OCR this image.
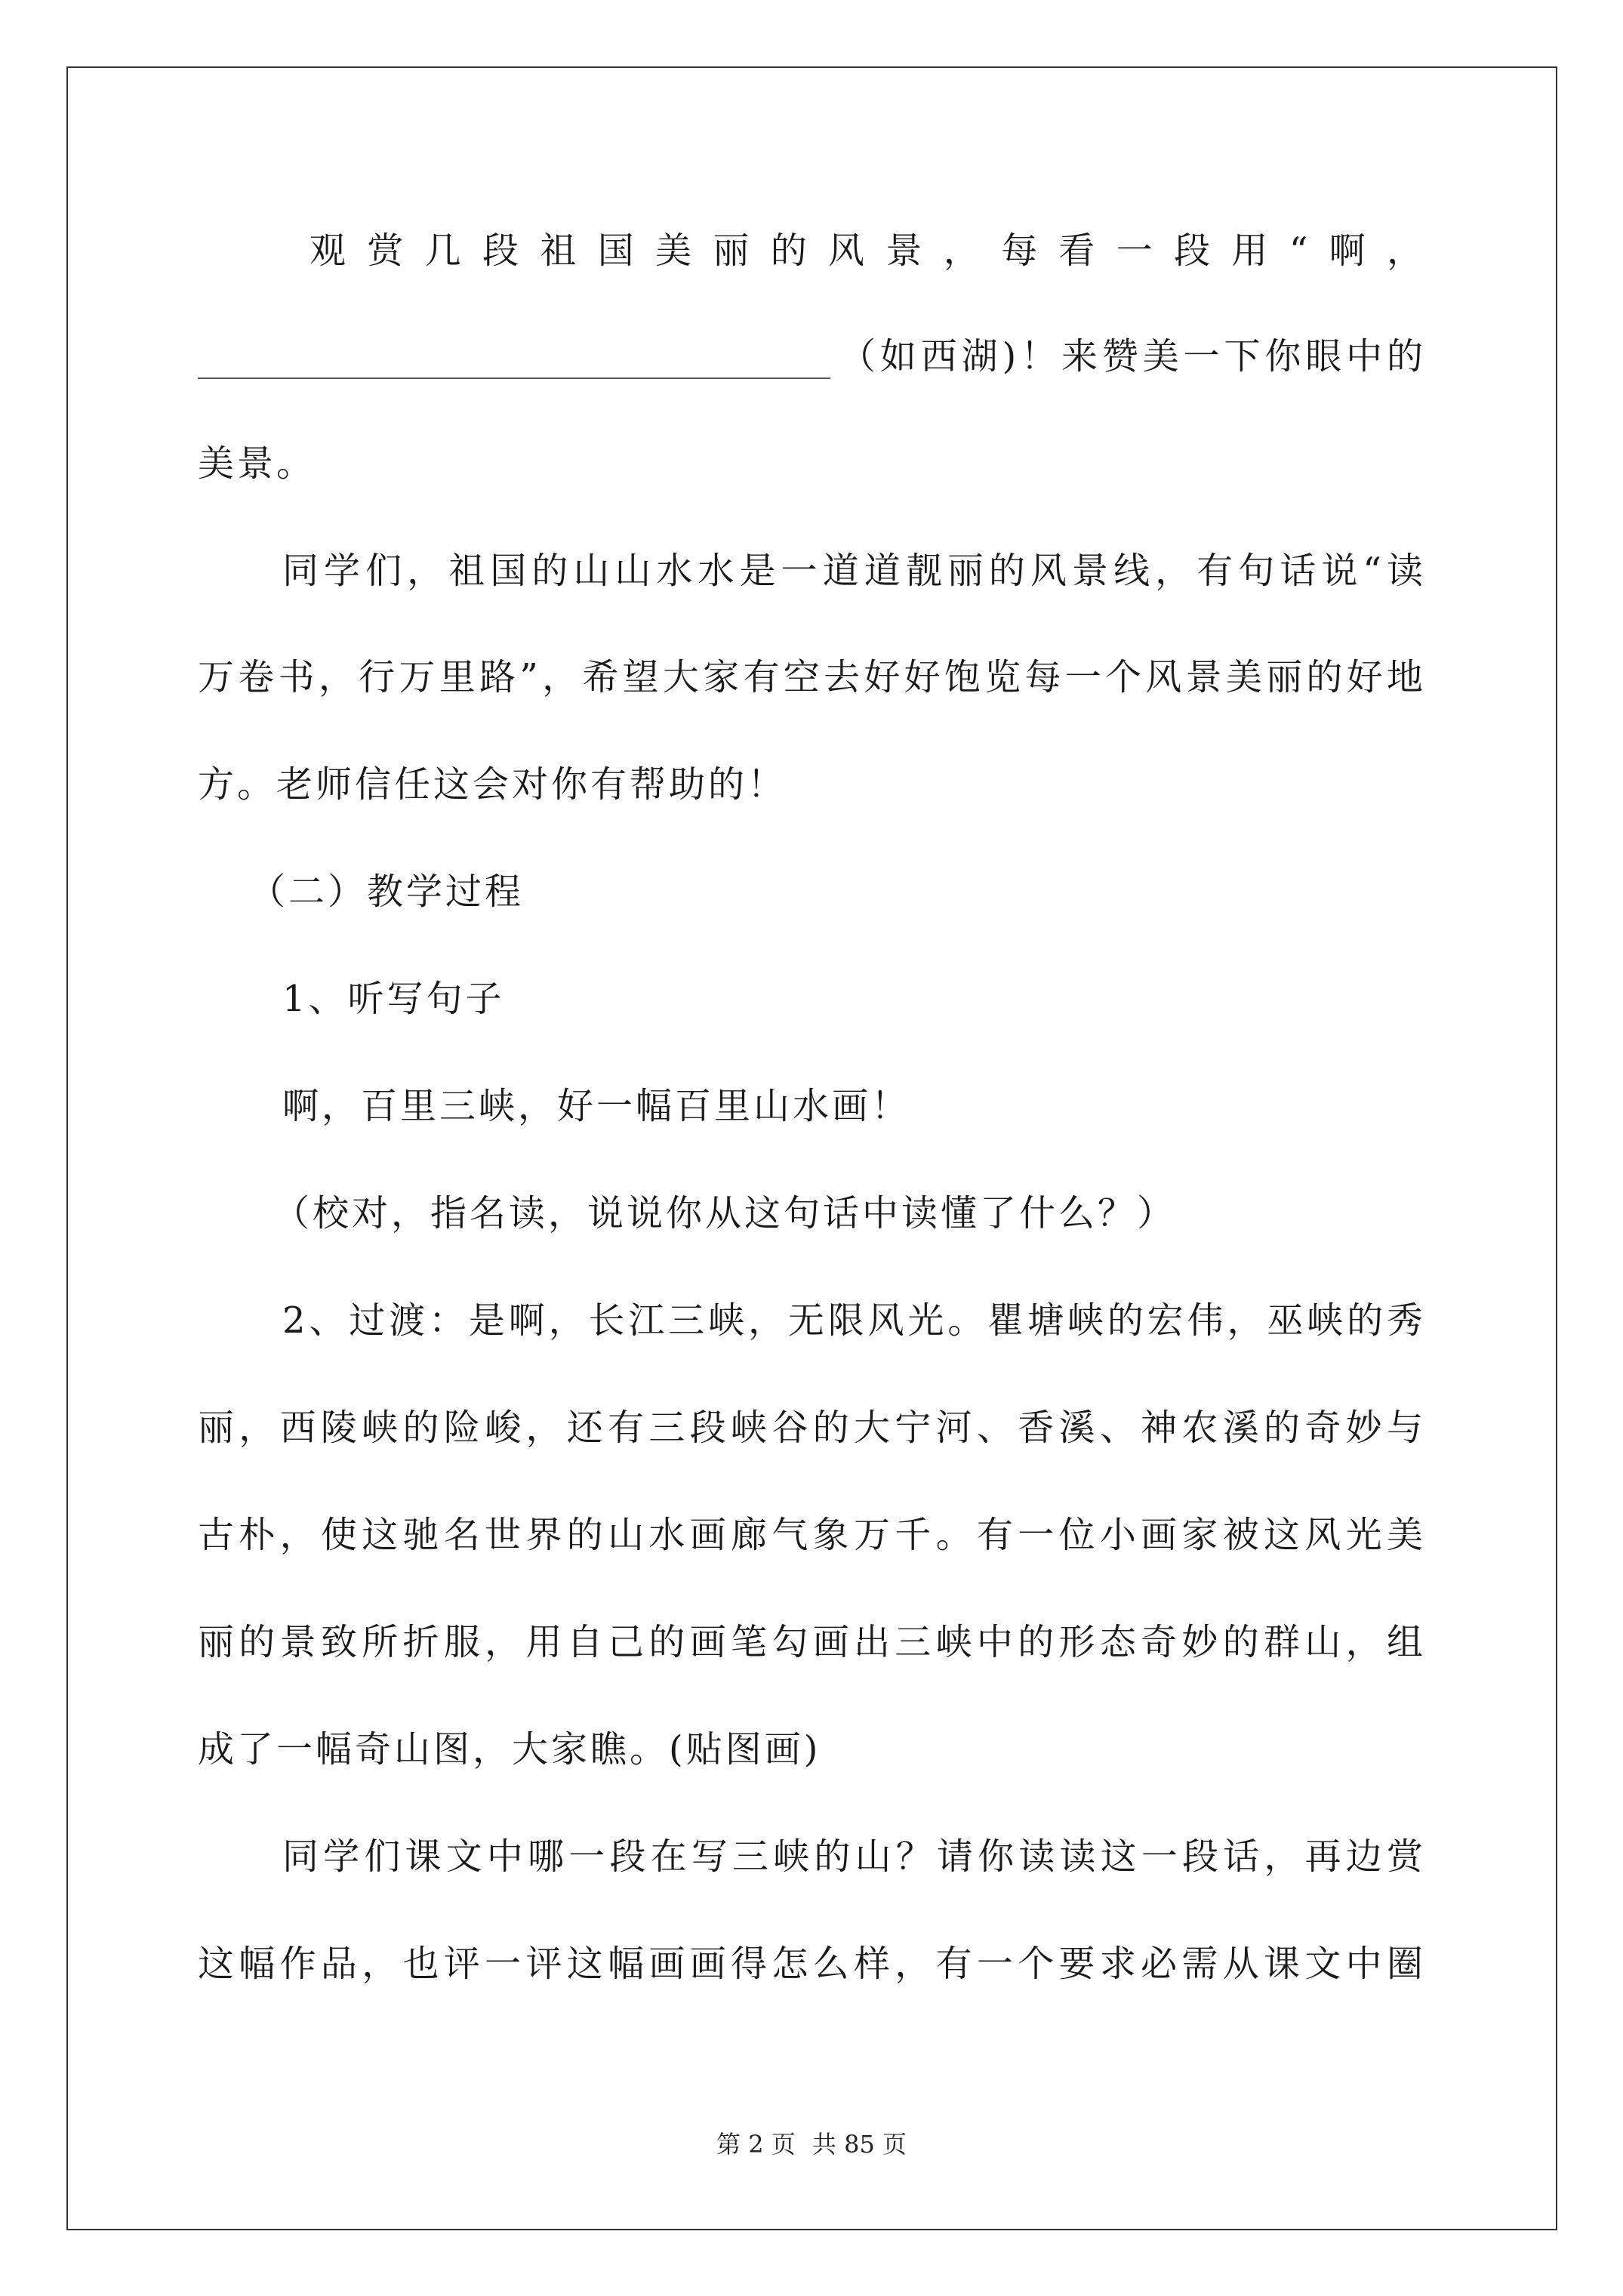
观赏几段祖国美丽的风景，每看一段用“啊，
（如西湖)！来赞美一下你眼中的
美景。
同学们，祖国的山山水水是一道道靓丽的风景线，有句话说“读
万卷书，行万里路”，希望大家有空去好好饱览每一个风景美丽的好地
方。老师信任这会对你有帮助的！
（二）教学过程
1、听写句子
啊，百里三峡，好一幅百里山水画！
（校对，指名读，说说你从这句话中读懂了什么？）
2、过渡：是啊，长江三峡，无限风光。瞿塘峡的宏伟，巫峡的秀
丽，西陵峡的险峻，还有三段峡谷的大宁河、香溪、神农溪的奇妙与
古朴，使这驰名世界的山水画廊气象万千。有一位小画家被这风光美
丽的景致所折服，用自己的画笔勾画出三峡中的形态奇妙的群山，组
成了一幅奇山图，大家瞧。(贴图画)
同学们课文中哪一段在写三峡的山？请你读读这一段话，再边赏
这幅作品，也评一评这幅画画得怎么样，有一个要求必需从课文中圈
第 2 页 共 85 页
